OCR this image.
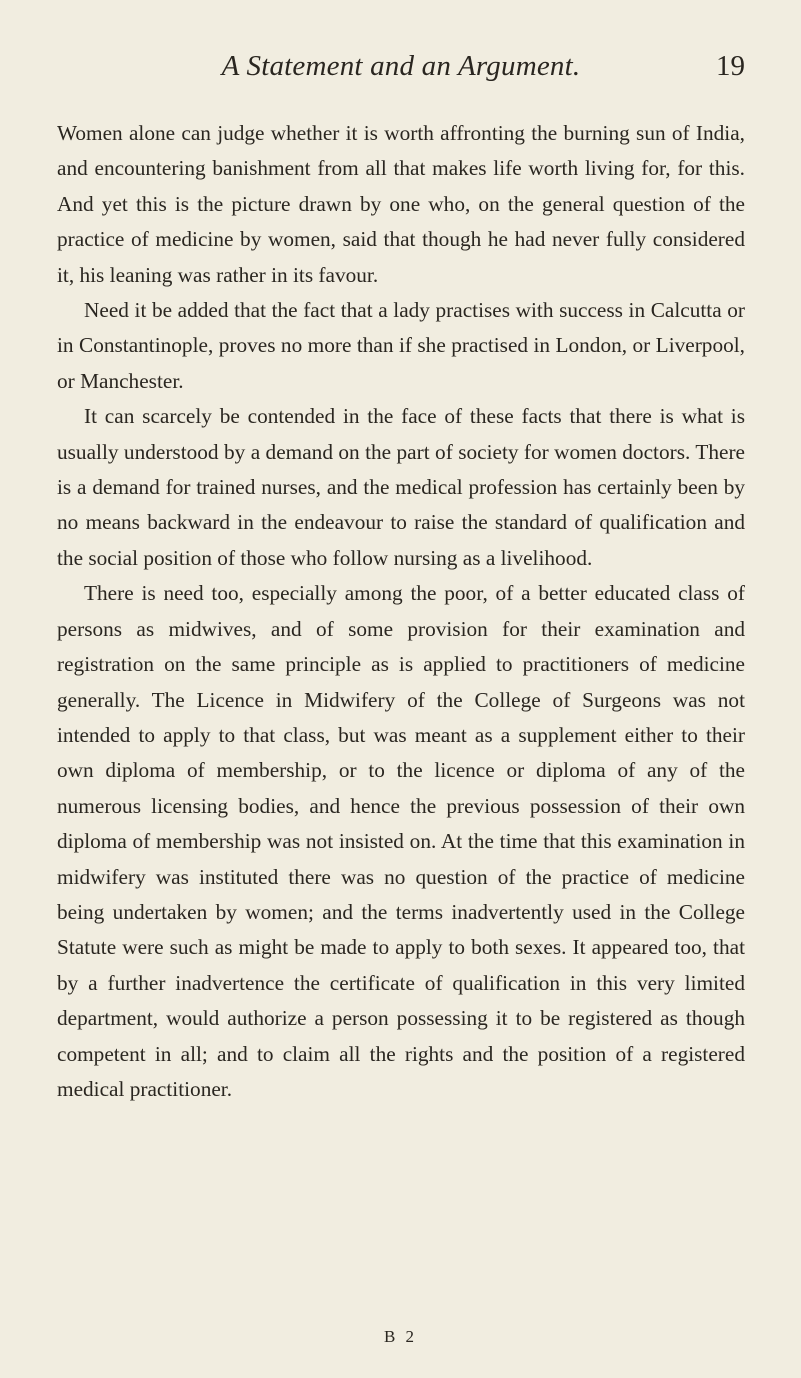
A Statement and an Argument.	19

Women alone can judge whether it is worth affronting the burning sun of India, and encountering banishment from all that makes life worth living for, for this. And yet this is the picture drawn by one who, on the general question of the practice of medicine by women, said that though he had never fully considered it, his leaning was rather in its favour.

Need it be added that the fact that a lady practises with success in Calcutta or in Constantinople, proves no more than if she practised in London, or Liverpool, or Manchester.

It can scarcely be contended in the face of these facts that there is what is usually understood by a demand on the part of society for women doctors. There is a demand for trained nurses, and the medical profession has certainly been by no means backward in the endeavour to raise the standard of qualification and the social position of those who follow nursing as a livelihood.

There is need too, especially among the poor, of a better educated class of persons as midwives, and of some provision for their examination and registration on the same principle as is applied to practitioners of medicine generally. The Licence in Midwifery of the College of Surgeons was not intended to apply to that class, but was meant as a supplement either to their own diploma of membership, or to the licence or diploma of any of the numerous licensing bodies, and hence the previous possession of their own diploma of membership was not insisted on. At the time that this examination in midwifery was instituted there was no question of the practice of medicine being undertaken by women; and the terms inadvertently used in the College Statute were such as might be made to apply to both sexes. It appeared too, that by a further inadvertence the certificate of qualification in this very limited department, would authorize a person possessing it to be registered as though competent in all; and to claim all the rights and the position of a registered medical practitioner.

B 2
